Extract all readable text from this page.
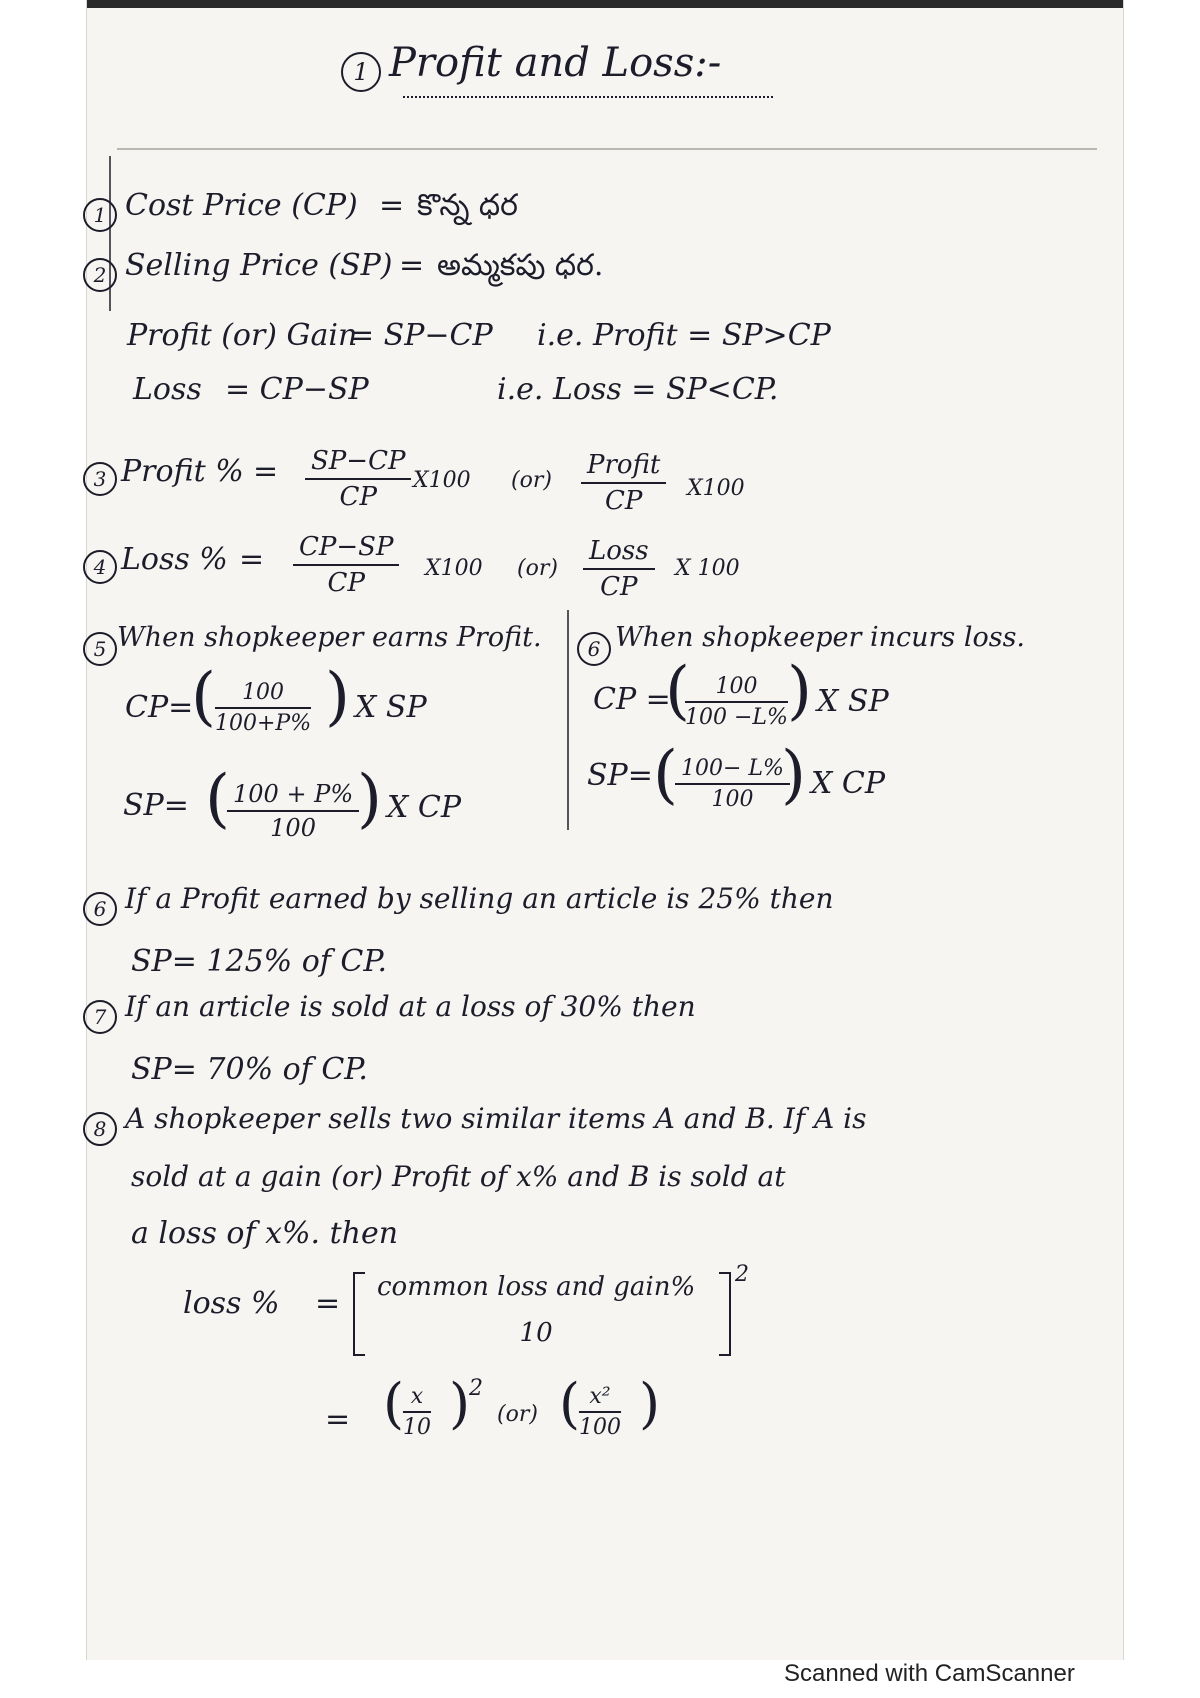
1 Profit and Loss:-
1 Cost Price (CP) = కొన్న ధర
2 Selling Price (SP) = అమ్మకపు ధర.
Profit (or) Gain
= SP−CP i.e. Profit = SP>CP
Loss = CP−SP	i.e. Loss = SP<CP.
3 Profit % = $\frac{SP-CP}{CP} X100$ (or)
Profit
CP	X100
4 Loss % = $\frac{CP-SP}{CP} X100$ (or)
Loss
CP
X 100
5 When shopkeeper earns Profit.
CP=
( $\frac{100}{100+P\%}$ ) X SP
SP= (
$\frac{100 + P\%}{100}$
) X CP
6 When shopkeeper incurs loss.
CP =
(
$\frac{100}{100 -L\%}$ ) X SP
SP= (
$\frac{100- L\%}{100}$
) X CP
6 If a Profit earned by selling an article is 25% then
SP= 125% of CP.
7 If an article is sold at a loss of 30% then
SP= 70% of CP.
8 A shopkeeper sells two similar items A and B. If A is
sold at a gain (or) Profit of x% and B is sold at
a loss of x%. then
loss % = common loss and gain%
10
2
= (
$\frac{x}{10}$ )
2
(or) (
$\frac{\text{x²}}{100}$ )
Scanned with CamScanner
